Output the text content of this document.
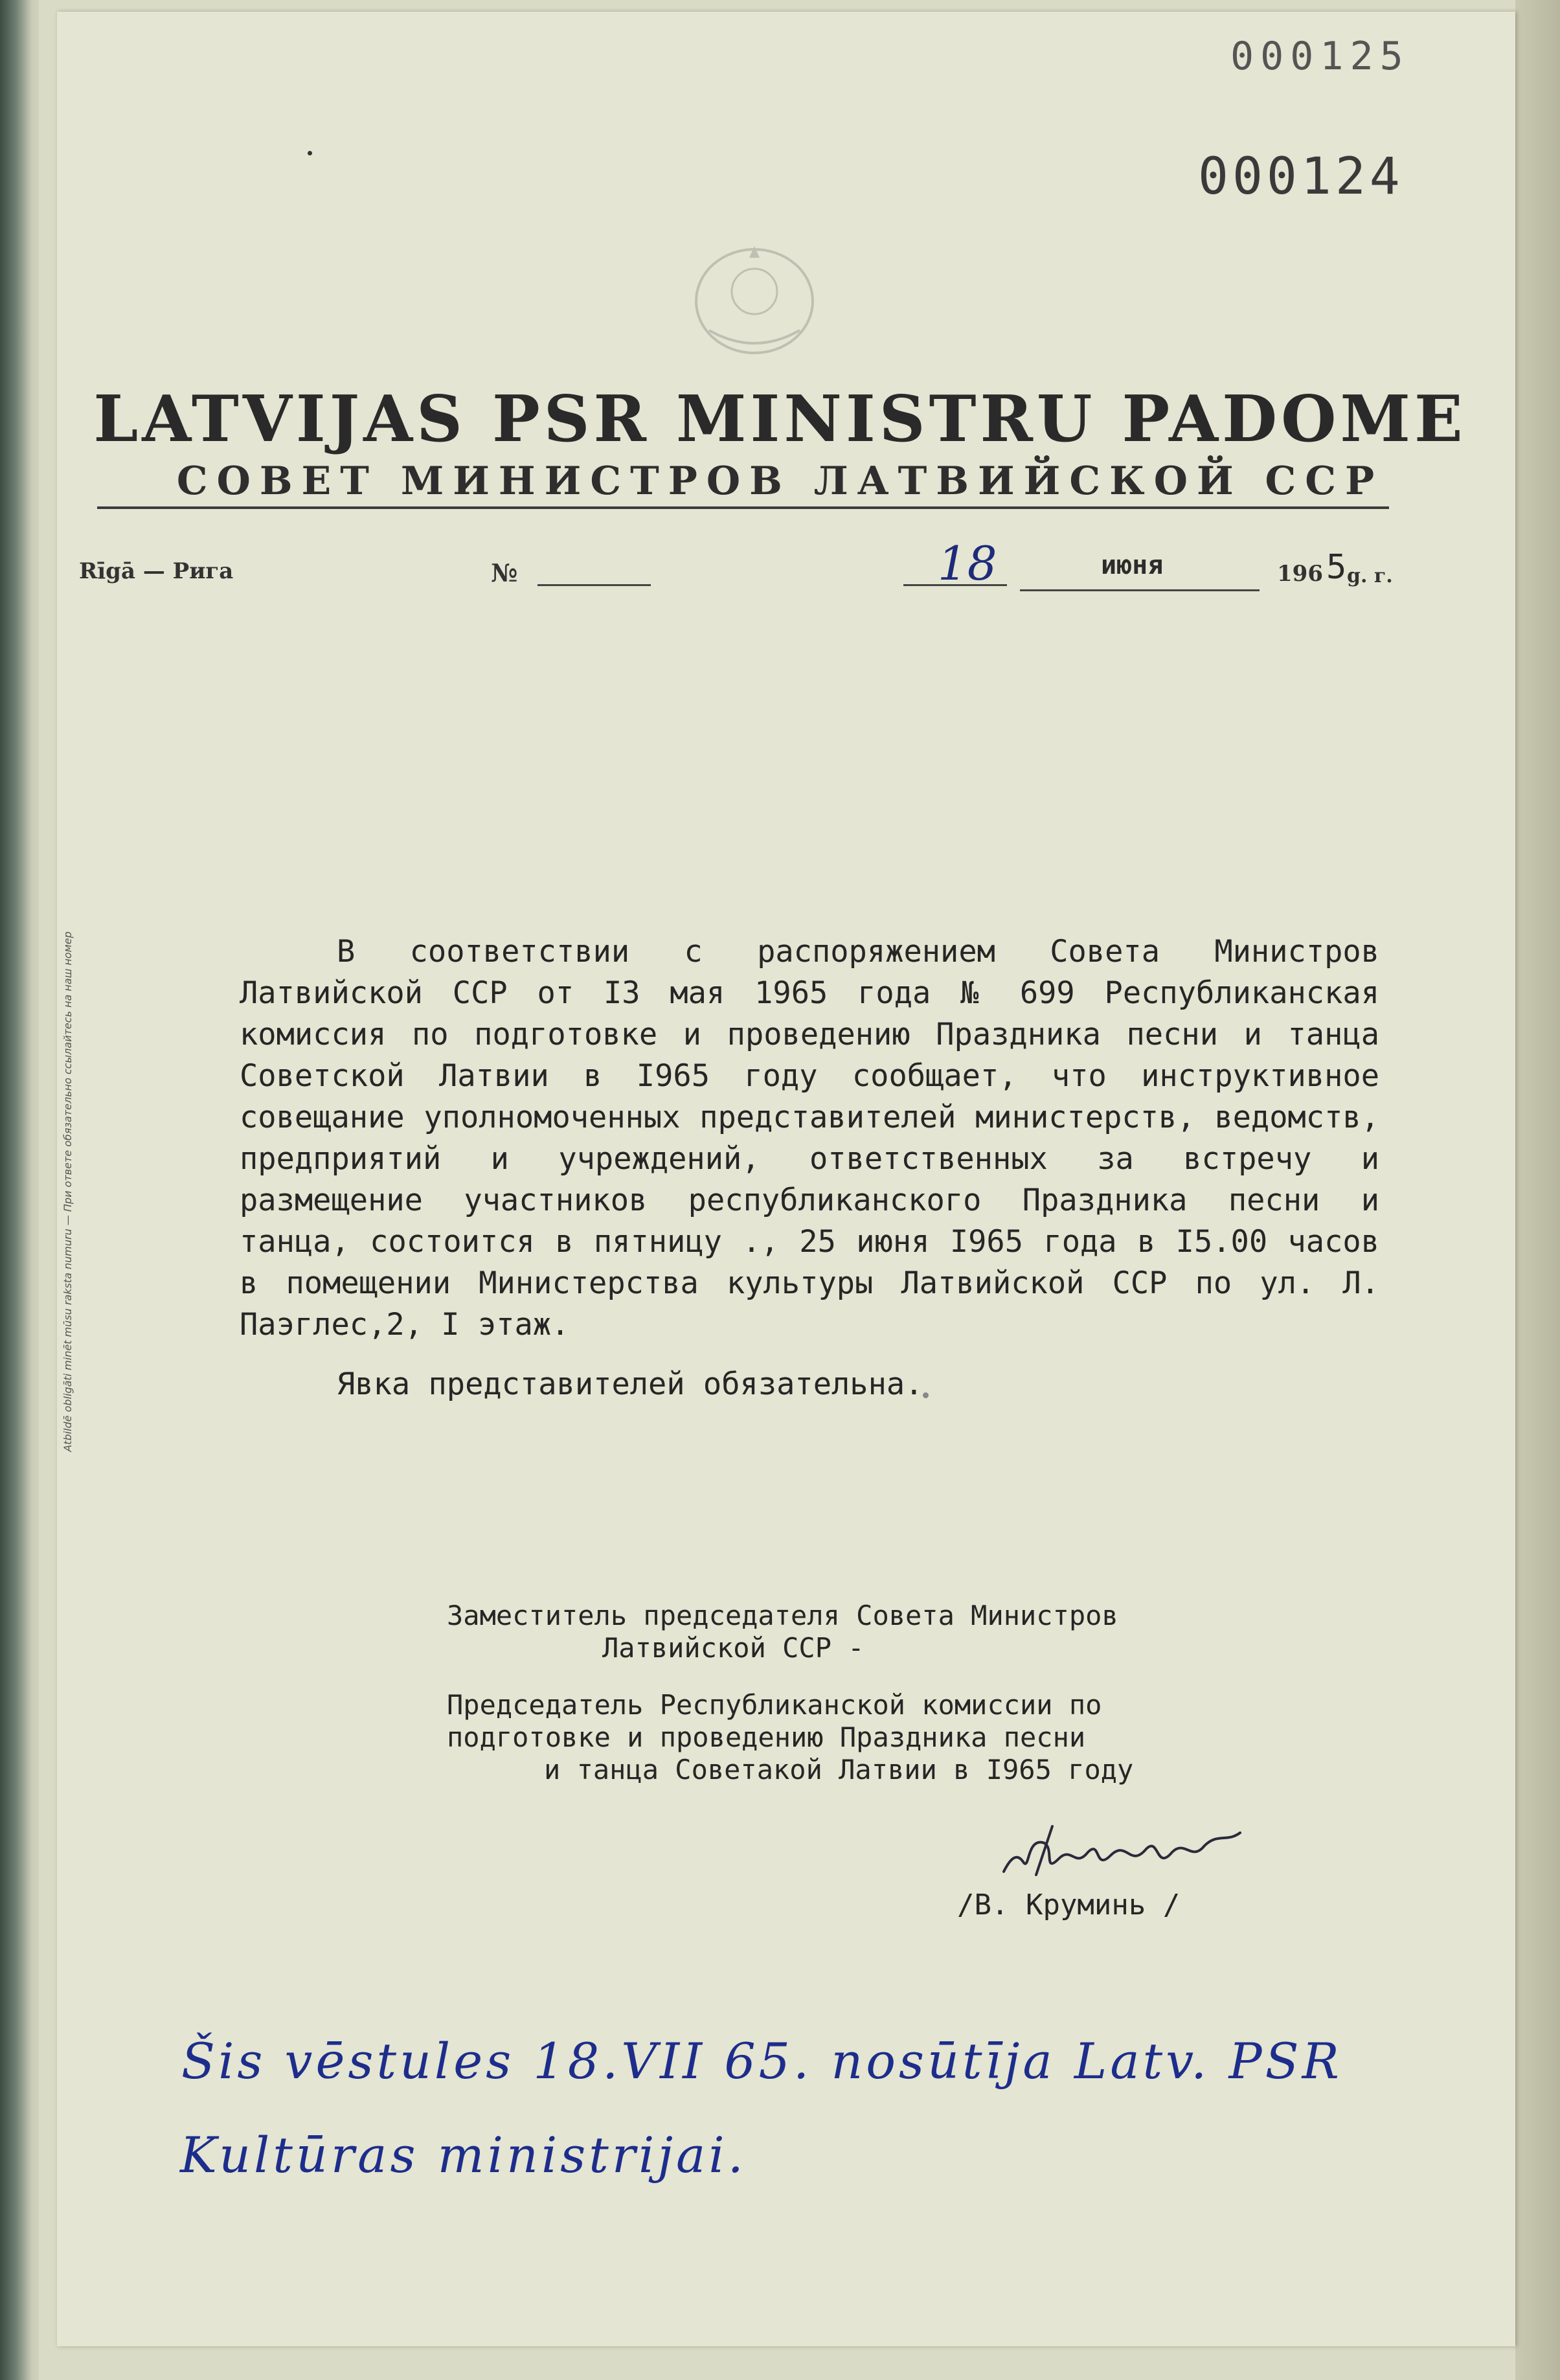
000125
000124
LATVIJAS PSR MINISTRU PADOME
СОВЕТ МИНИСТРОВ ЛАТВИЙСКОЙ ССР
Rīgā — Рига	№	18	июня	196 5 g. г.
Atbildē obligāti minēt mūsu raksta numuru — При ответе обязательно ссылайтесь на наш номер	В соответствии с распоряжением Совета Министров Латвийской ССР от I3 мая 1965 года № 699 Республиканская комиссия по подготовке и проведению Праздника песни и танца Советской Латвии в I965 году сообщает, что инструктивное совещание уполномоченных представителей министерств, ведомств, предприятий и учреждений, ответственных за встречу и размещение участников республиканского Праздника песни и танца, состоится в пятницу ., 25 июня I965 года в I5.00 часов в помещении Министерства культуры Латвийской ССР по ул. Л. Паэглес,2, I этаж.

Явка представителей обязательна.

Заместитель председателя Совета Министров

Латвийской ССР -

Председатель Республиканской комиссии по

подготовке и проведению Праздника песни

и танца Советакой Латвии в I965 году

/В. Круминь /
Šis vēstules 18.VII 65. nosūtīja Latv. PSR
Kultūras ministrijai.
